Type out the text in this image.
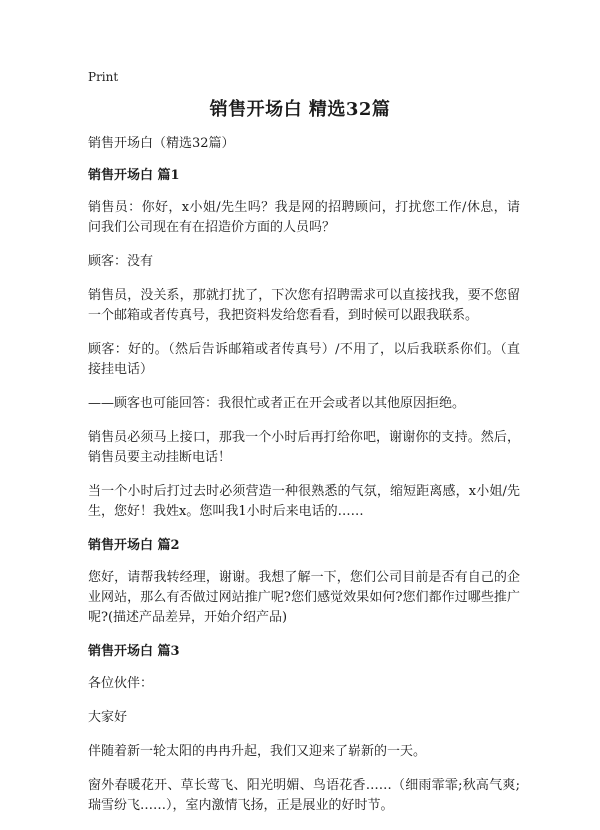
Print
销售开场白 精选32篇

销售开场白（精选32篇）

销售开场白 篇1

销售员：你好，x小姐/先生吗？我是网的招聘顾问，打扰您工作/休息，请问我们公司现在有在招造价方面的人员吗？

顾客：没有

销售员，没关系，那就打扰了，下次您有招聘需求可以直接找我，要不您留一个邮箱或者传真号，我把资料发给您看看，到时候可以跟我联系。

顾客：好的。（然后告诉邮箱或者传真号）/不用了，以后我联系你们。（直接挂电话）

——顾客也可能回答：我很忙或者正在开会或者以其他原因拒绝。

销售员必须马上接口，那我一个小时后再打给你吧，谢谢你的支持。然后，销售员要主动挂断电话！

当一个小时后打过去时必须营造一种很熟悉的气氛，缩短距离感，x小姐/先生，您好！我姓x。您叫我1小时后来电话的……

销售开场白 篇2

您好，请帮我转经理，谢谢。我想了解一下，您们公司目前是否有自己的企业网站，那么有否做过网站推广呢?您们感觉效果如何?您们都作过哪些推广呢?(描述产品差异，开始介绍产品)

销售开场白 篇3

各位伙伴：

大家好

伴随着新一轮太阳的冉冉升起，我们又迎来了崭新的一天。

窗外春暖花开、草长莺飞、阳光明媚、鸟语花香……（细雨霏霏;秋高气爽;瑞雪纷飞……），室内激情飞扬，正是展业的好时节。
